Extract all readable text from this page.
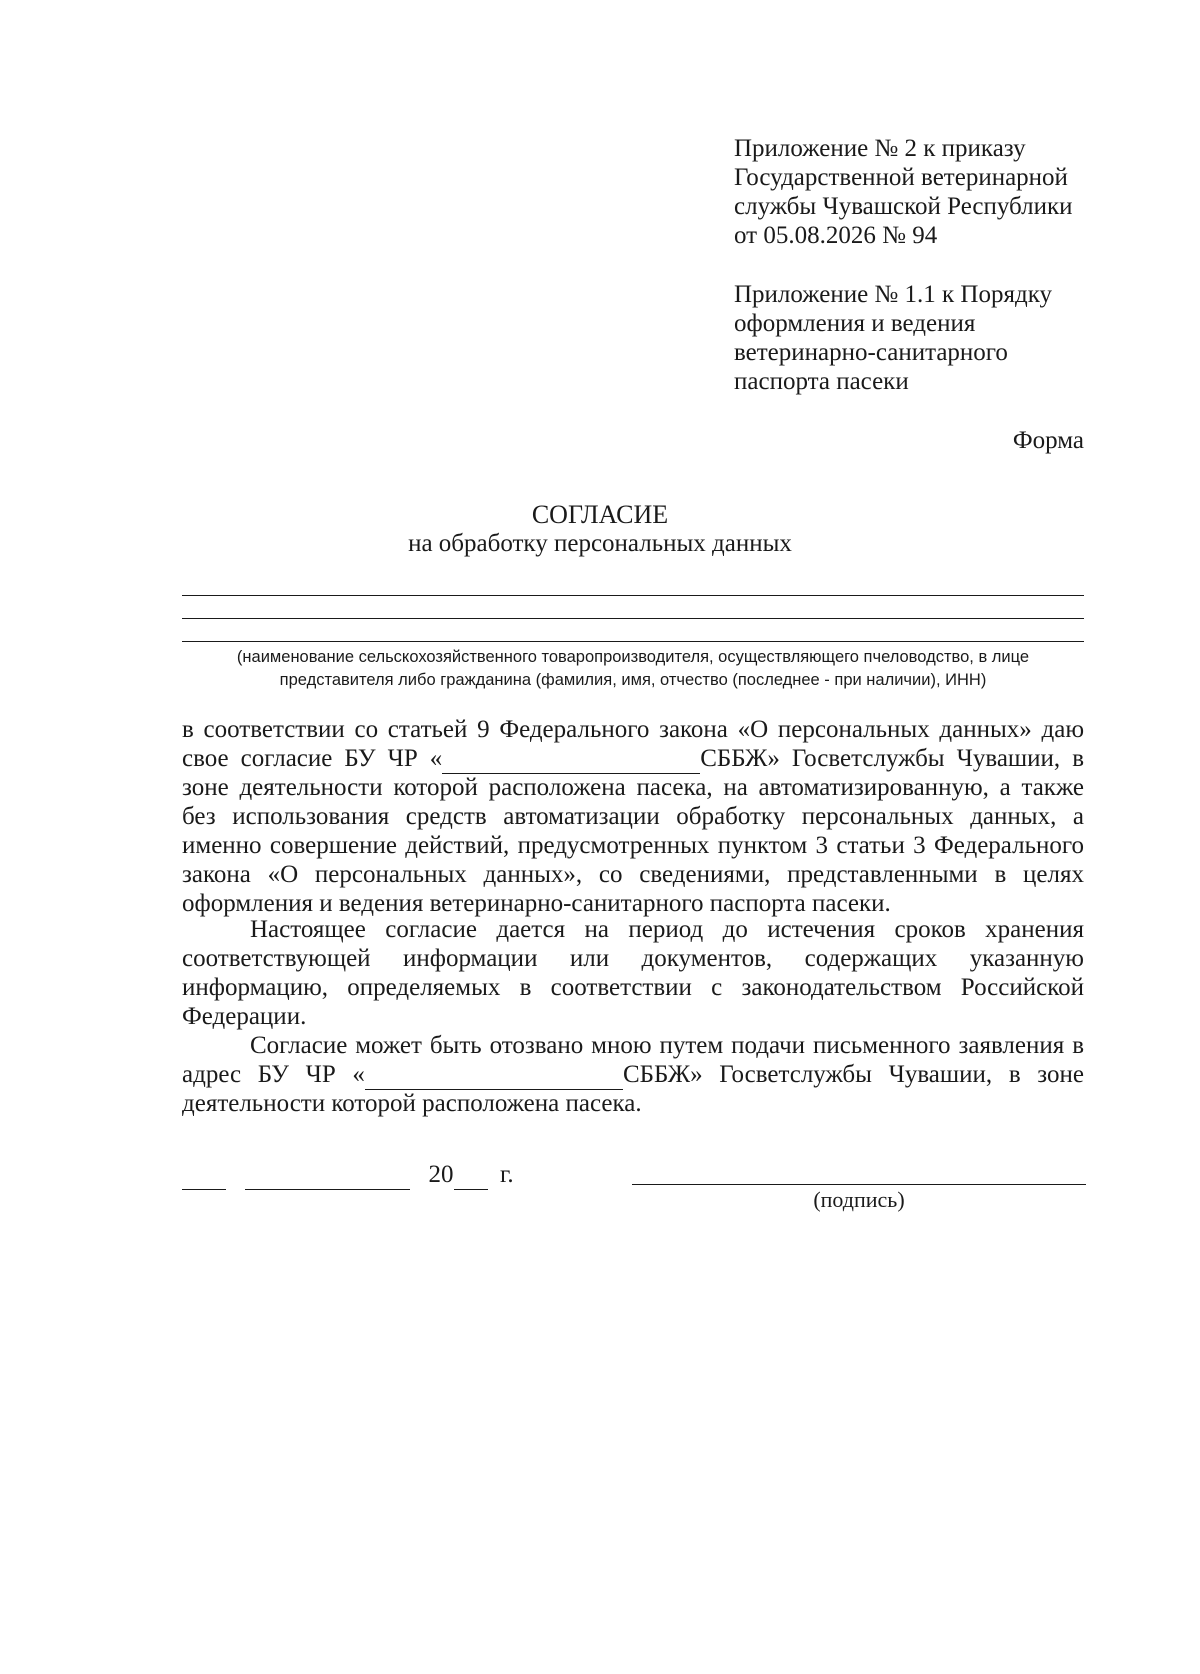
Приложение № 2 к приказу
Государственной ветеринарной
службы Чувашской Республики
от 05.08.2026 № 94
Приложение № 1.1 к Порядку
оформления и ведения
ветеринарно-санитарного
паспорта пасеки
Форма
СОГЛАСИЕ
на обработку персональных данных
(наименование сельскохозяйственного товаропроизводителя, осуществляющего пчеловодство, в лице представителя либо гражданина (фамилия, имя, отчество (последнее - при наличии), ИНН)
в соответствии со статьей 9 Федерального закона «О персональных данных» даю
свое согласие БУ ЧР «	СББЖ» Госветслужбы Чувашии, в
зоне деятельности которой расположена пасека, на автоматизированную, а также
без использования средств автоматизации обработку персональных данных, а
именно совершение действий, предусмотренных пунктом 3 статьи 3 Федерального
закона «О персональных данных», со сведениями, представленными в целях
оформления и ведения ветеринарно-санитарного паспорта пасеки.
Настоящее согласие дается на период до истечения сроков хранения
соответствующей информации или документов, содержащих указанную
информацию, определяемых в соответствии с законодательством Российской
Федерации.
Согласие может быть отозвано мною путем подачи письменного заявления в
адрес БУ ЧР «	СББЖ» Госветслужбы Чувашии, в зоне
деятельности которой расположена пасека.
20 г.
(подпись)
